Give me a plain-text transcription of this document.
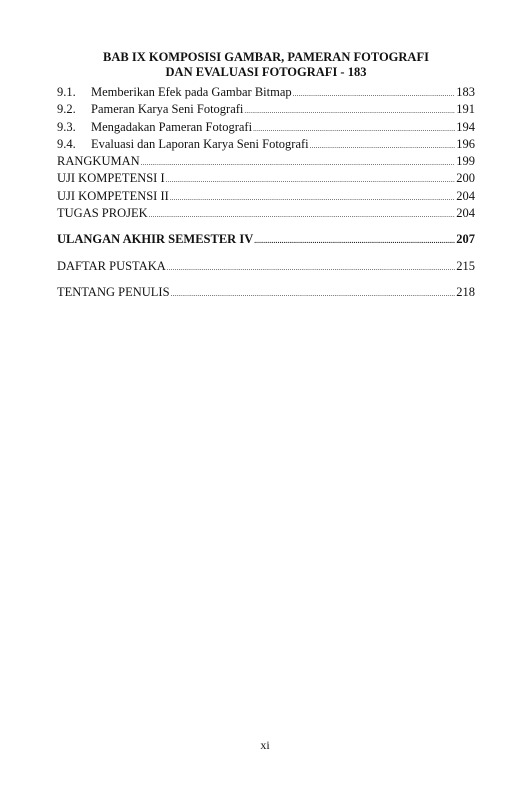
BAB IX KOMPOSISI GAMBAR, PAMERAN FOTOGRAFI
DAN EVALUASI FOTOGRAFI - 183
9.1.	Memberikan Efek pada Gambar Bitmap .....	183
9.2.	Pameran Karya Seni Fotografi .....	191
9.3.	Mengadakan Pameran Fotografi .....	194
9.4.	Evaluasi dan Laporan Karya Seni Fotografi .....	196
RANGKUMAN .....	199
UJI KOMPETENSI I .....	200
UJI KOMPETENSI II .....	204
TUGAS PROJEK .....	204
ULANGAN AKHIR SEMESTER IV .....	207
DAFTAR PUSTAKA .....	215
TENTANG PENULIS .....	218
xi
